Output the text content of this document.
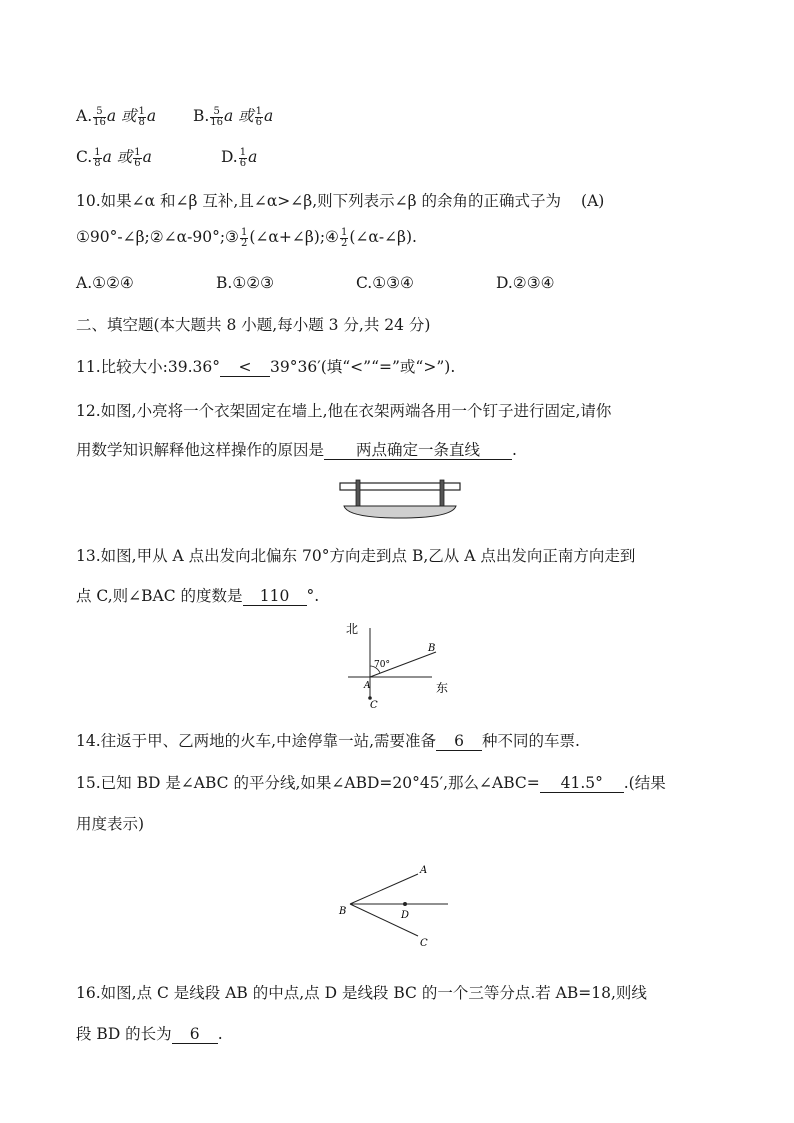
A. $\frac{5}{16}$ a 或 $\frac{1}{8}$ a B. $\frac{5}{16}$ a 或 $\frac{1}{6}$ a
C. $\frac{1}{8}$ a 或 $\frac{1}{6}$ a	D. $\frac{1}{6}$ a
10.如果∠α 和∠β 互补,且∠α>∠β,则下列表示∠β 的余角的正确式子为 (A)
①90°-∠β;②∠α-90°;③ $\frac{1}{2}$ (∠α+∠β);④ $\frac{1}{2}$ (∠α-∠β).
A.①②④	B.①②③	C.①③④	D.②③④
二、填空题(本大题共 8 小题,每小题 3 分,共 24 分)
11.比较大小:39.36° < 39°36′(填“<”“=”或“>”).
12.如图,小亮将一个衣架固定在墙上,他在衣架两端各用一个钉子进行固定,请你
用数学知识解释他这样操作的原因是 两点确定一条直线 .
13.如图,甲从 A 点出发向北偏东 70°方向走到点 B,乙从 A 点出发向正南方向走到
点 C,则∠BAC 的度数是 110 °.
北
东
70°
B
A
C
14.往返于甲、乙两地的火车,中途停靠一站,需要准备 6 种不同的车票.
15.已知 BD 是∠ABC 的平分线,如果∠ABD=20°45′,那么∠ABC= 41.5° .(结果
用度表示)
A
B	D
C
16.如图,点 C 是线段 AB 的中点,点 D 是线段 BC 的一个三等分点.若 AB=18,则线
段 BD 的长为 6 .
